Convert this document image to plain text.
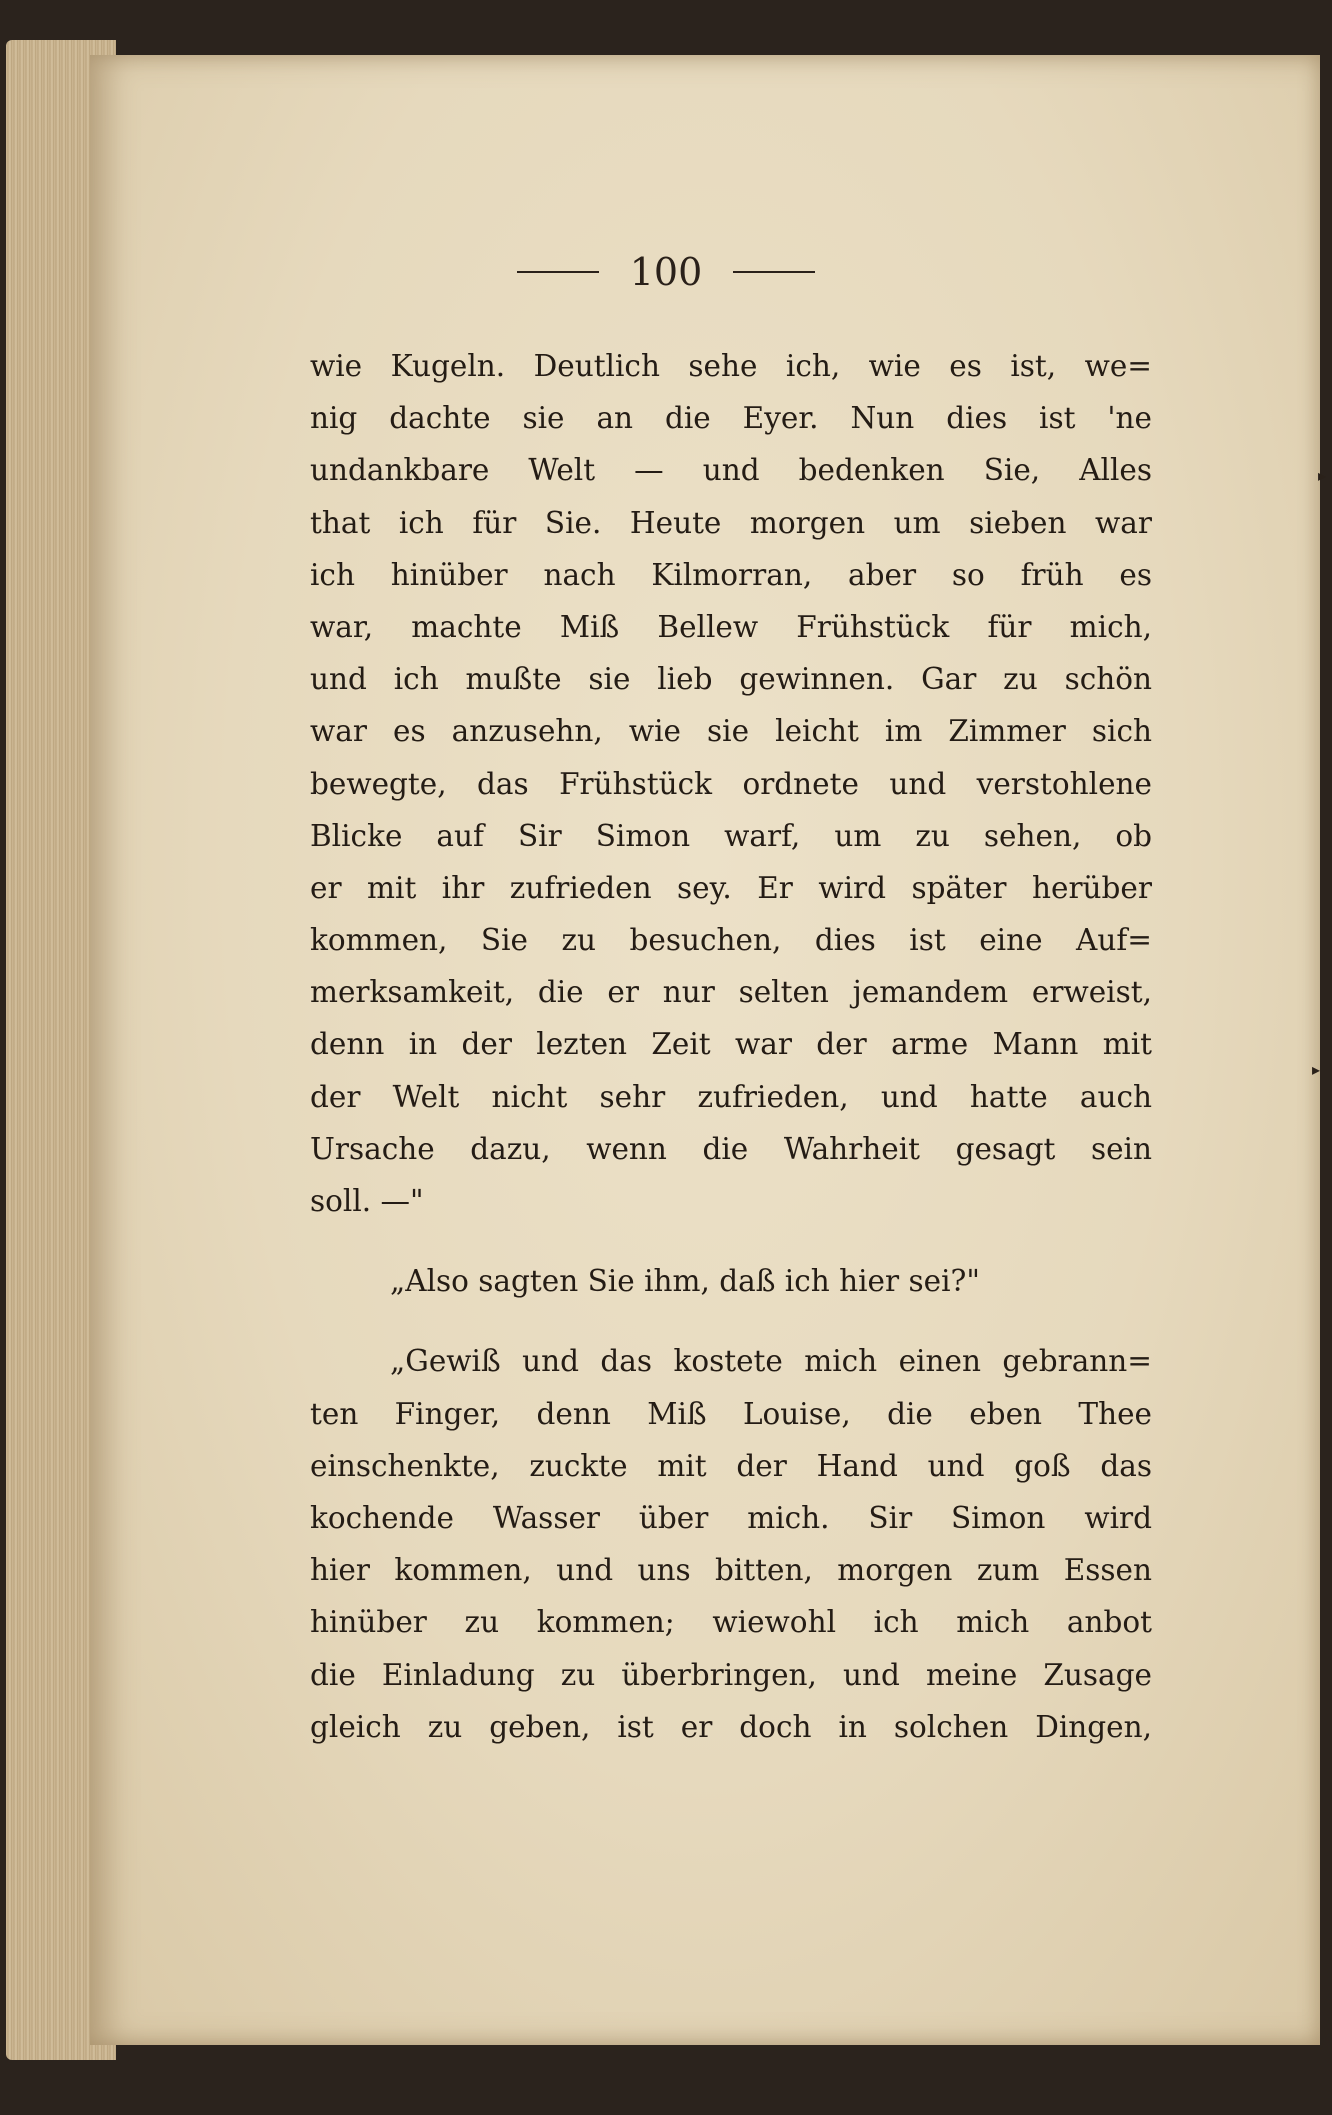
▸
▸
100
wie Kugeln. Deutlich sehe ich, wie es ist, we=
nig dachte sie an die Eyer. Nun dies ist 'ne
undankbare Welt — und bedenken Sie, Alles
that ich für Sie. Heute morgen um sieben war
ich hinüber nach Kilmorran, aber so früh es
war, machte Miß Bellew Frühstück für mich,
und ich mußte sie lieb gewinnen. Gar zu schön
war es anzusehn, wie sie leicht im Zimmer sich
bewegte, das Frühstück ordnete und verstohlene
Blicke auf Sir Simon warf, um zu sehen, ob
er mit ihr zufrieden sey. Er wird später herüber
kommen, Sie zu besuchen, dies ist eine Auf=
merksamkeit, die er nur selten jemandem erweist,
denn in der lezten Zeit war der arme Mann mit
der Welt nicht sehr zufrieden, und hatte auch
Ursache dazu, wenn die Wahrheit gesagt sein
soll. —"
„Also sagten Sie ihm, daß ich hier sei?"
„Gewiß und das kostete mich einen gebrann=
ten Finger, denn Miß Louise, die eben Thee
einschenkte, zuckte mit der Hand und goß das
kochende Wasser über mich. Sir Simon wird
hier kommen, und uns bitten, morgen zum Essen
hinüber zu kommen; wiewohl ich mich anbot
die Einladung zu überbringen, und meine Zusage
gleich zu geben, ist er doch in solchen Dingen,
